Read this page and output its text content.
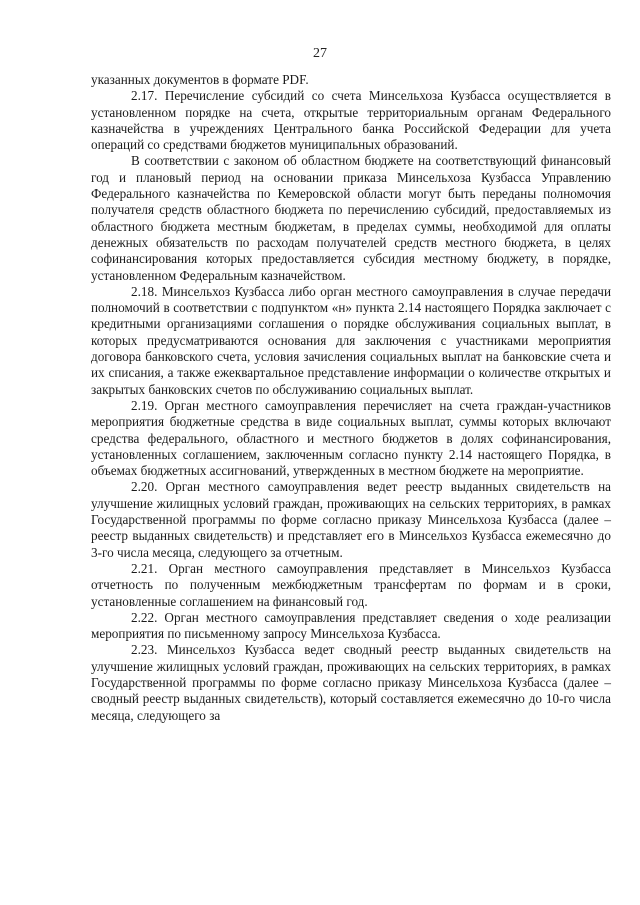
27

указанных документов в формате PDF.

2.17. Перечисление субсидий со счета Минсельхоза Кузбасса осуществляется в установленном порядке на счета, открытые территориальным органам Федерального казначейства в учреждениях Центрального банка Российской Федерации для учета операций со средствами бюджетов муниципальных образований.

В соответствии с законом об областном бюджете на соответствующий финансовый год и плановый период на основании приказа Минсельхоза Кузбасса Управлению Федерального казначейства по Кемеровской области могут быть переданы полномочия получателя средств областного бюджета по перечислению субсидий, предоставляемых из областного бюджета местным бюджетам, в пределах суммы, необходимой для оплаты денежных обязательств по расходам получателей средств местного бюджета, в целях софинансирования которых предоставляется субсидия местному бюджету, в порядке, установленном Федеральным казначейством.

2.18. Минсельхоз Кузбасса либо орган местного самоуправления в случае передачи полномочий в соответствии с подпунктом «н» пункта 2.14 настоящего Порядка заключает с кредитными организациями соглашения о порядке обслуживания социальных выплат, в которых предусматриваются основания для заключения с участниками мероприятия договора банковского счета, условия зачисления социальных выплат на банковские счета и их списания, а также ежеквартальное представление информации о количестве открытых и закрытых банковских счетов по обслуживанию социальных выплат.

2.19. Орган местного самоуправления перечисляет на счета граждан-участников мероприятия бюджетные средства в виде социальных выплат, суммы которых включают средства федерального, областного и местного бюджетов в долях софинансирования, установленных соглашением, заключенным согласно пункту 2.14 настоящего Порядка, в объемах бюджетных ассигнований, утвержденных в местном бюджете на мероприятие.

2.20. Орган местного самоуправления ведет реестр выданных свидетельств на улучшение жилищных условий граждан, проживающих на сельских территориях, в рамках Государственной программы по форме согласно приказу Минсельхоза Кузбасса (далее – реестр выданных свидетельств) и представляет его в Минсельхоз Кузбасса ежемесячно до 3-го числа месяца, следующего за отчетным.

2.21. Орган местного самоуправления представляет в Минсельхоз Кузбасса отчетность по полученным межбюджетным трансфертам по формам и в сроки, установленные соглашением на финансовый год.

2.22. Орган местного самоуправления представляет сведения о ходе реализации мероприятия по письменному запросу Минсельхоза Кузбасса.

2.23. Минсельхоз Кузбасса ведет сводный реестр выданных свидетельств на улучшение жилищных условий граждан, проживающих на сельских территориях, в рамках Государственной программы по форме согласно приказу Минсельхоза Кузбасса (далее – сводный реестр выданных свидетельств), который составляется ежемесячно до 10-го числа месяца, следующего за
